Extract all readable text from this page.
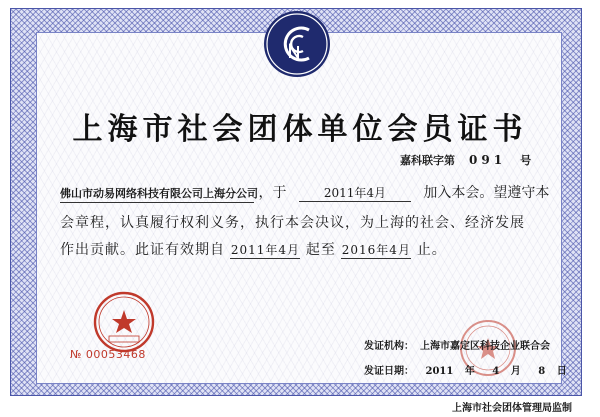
上海市社会团体单位会员证书
嘉科联字第 091 号
佛山市动易网络科技有限公司上海分公司 ，于	2011年4月	加入本会。望遵守本
会章程，认真履行权利义务，执行本会决议，为上海的社会、经济发展
作出贡献。此证有效期自 2011年4月 起至 2016年4月 止。
№ 00053468
发证机构： 上海市嘉定区科技企业联合会
发证日期： 2011 年 4 月 8 日
上海市社会团体管理局监制
